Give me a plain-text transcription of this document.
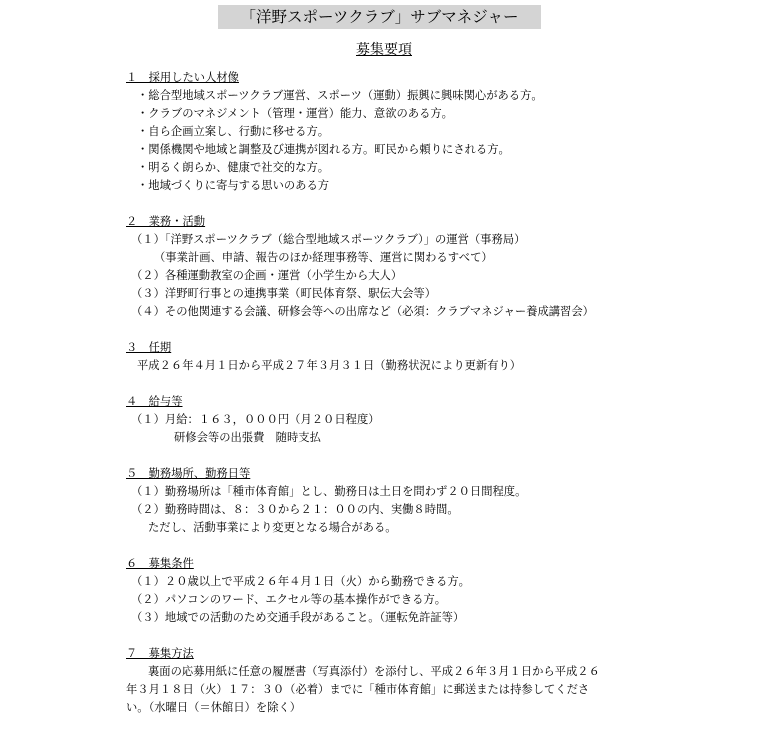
「洋野スポーツクラブ」サブマネジャー
募集要項
１　採用したい人材像
・総合型地域スポーツクラブ運営、スポーツ（運動）振興に興味関心がある方。
・クラブのマネジメント（管理・運営）能力、意欲のある方。
・自ら企画立案し、行動に移せる方。
・関係機関や地域と調整及び連携が図れる方。町民から頼りにされる方。
・明るく朗らか、健康で社交的な方。
・地域づくりに寄与する思いのある方
２　業務・活動
（１）「洋野スポーツクラブ（総合型地域スポーツクラブ）」の運営（事務局）
（事業計画、申請、報告のほか経理事務等、運営に関わるすべて）
（２）各種運動教室の企画・運営（小学生から大人）
（３）洋野町行事との連携事業（町民体育祭、駅伝大会等）
（４）その他関連する会議、研修会等への出席など（必須：クラブマネジャー養成講習会）
３　任期
平成２６年４月１日から平成２７年３月３１日（勤務状況により更新有り）
４　給与等
（１）月給：１６３，０００円（月２０日程度）
研修会等の出張費　随時支払
５　勤務場所、勤務日等
（１）勤務場所は「種市体育館」とし、勤務日は土日を問わず２０日間程度。
（２）勤務時間は、８：３０から２１：００の内、実働８時間。
ただし、活動事業により変更となる場合がある。
６　募集条件
（１）２０歳以上で平成２６年４月１日（火）から勤務できる方。
（２）パソコンのワード、エクセル等の基本操作ができる方。
（３）地域での活動のため交通手段があること。（運転免許証等）
７　募集方法
裏面の応募用紙に任意の履歴書（写真添付）を添付し、平成２６年３月１日から平成２６
年３月１８日（火）１７：３０（必着）までに「種市体育館」に郵送または持参してくださ
い。（水曜日（＝休館日）を除く）
